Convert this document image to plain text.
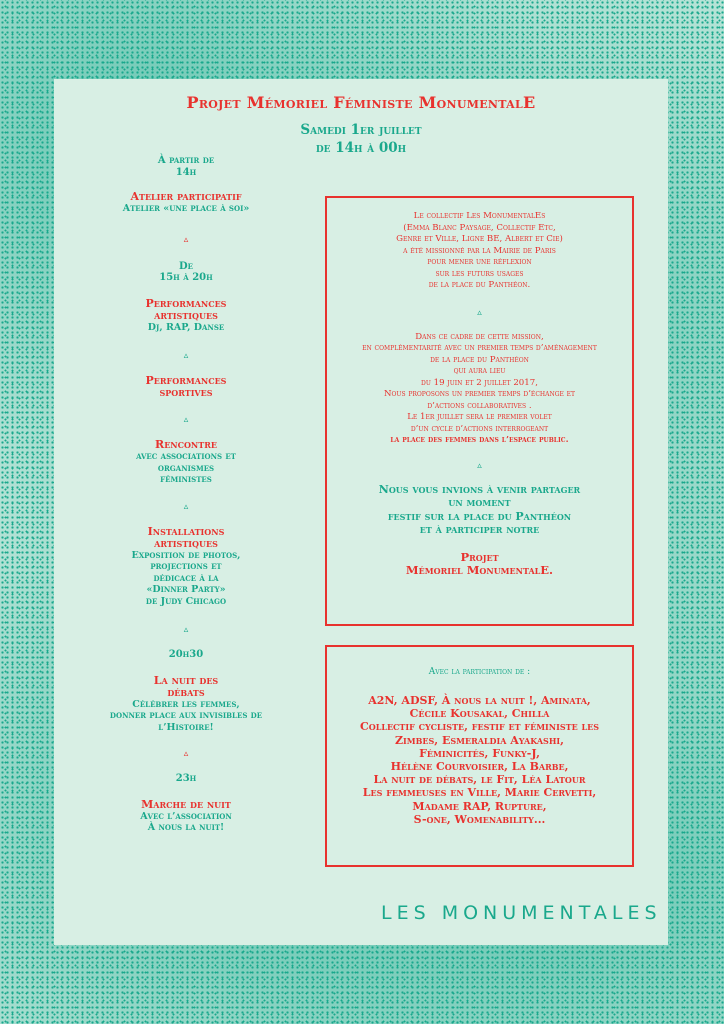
Projet Mémoriel Féministe MonumentalE
Samedi 1er juillet
de 14h à 00h
À partir de
14h
Atelier participatif
Atelier «une place à soi»
▵
De
15h à 20h
Performances
artistiques
Dj, RAP, Danse
▵
Performances
sportives
▵
Rencontre
avec associations et
organismes
féministes
▵
Installations
artistiques
Exposition de photos,
projections et
dédicace à la
«Dinner Party»
de Judy Chicago
▵
20h30
La nuit des
débats
Célébrer les femmes,
donner place aux invisibles de
l’Histoire!
▵
23h
Marche de nuit
Avec l’association
À nous la nuit!
Le collectif Les MonumentalEs
(Emma Blanc Paysage, Collectif Etc,
Genre et Ville, Ligne BE, Albert et Cie)
a été missionné par la Mairie de Paris
pour mener une réflexion
sur les futurs usages
de la place du Panthéon.
▵
Dans ce cadre de cette mission,
en complémentarité avec un premier temps d’aménagement
de la place du Panthéon
qui aura lieu
du 19 juin et 2 juillet 2017,
Nous proposons un premier temps d’échange et
d’actions collaboratives .
Le 1er juillet sera le premier volet
d’un cycle d’actions interrogeant
la place des femmes dans l’espace public.
▵
Nous vous invions à venir partager
un moment
festif sur la place du Panthéon
et à participer notre
Projet
Mémoriel MonumentalE.
Avec la participation de :
A2N, ADSF, À nous la nuit !, Aminata,
Cécile Kousakal, Chilla
Collectif cycliste, festif et féministe les
Zimbes, Esmeraldia Ayakashi,
Féminicités, Funky-J,
Hélène Courvoisier, La Barbe,
La nuit de débats, le Fit, Léa Latour
Les femmeuses en Ville, Marie Cervetti,
Madame RAP, Rupture,
S-one, Womenability...
LES MONUMENTALES
